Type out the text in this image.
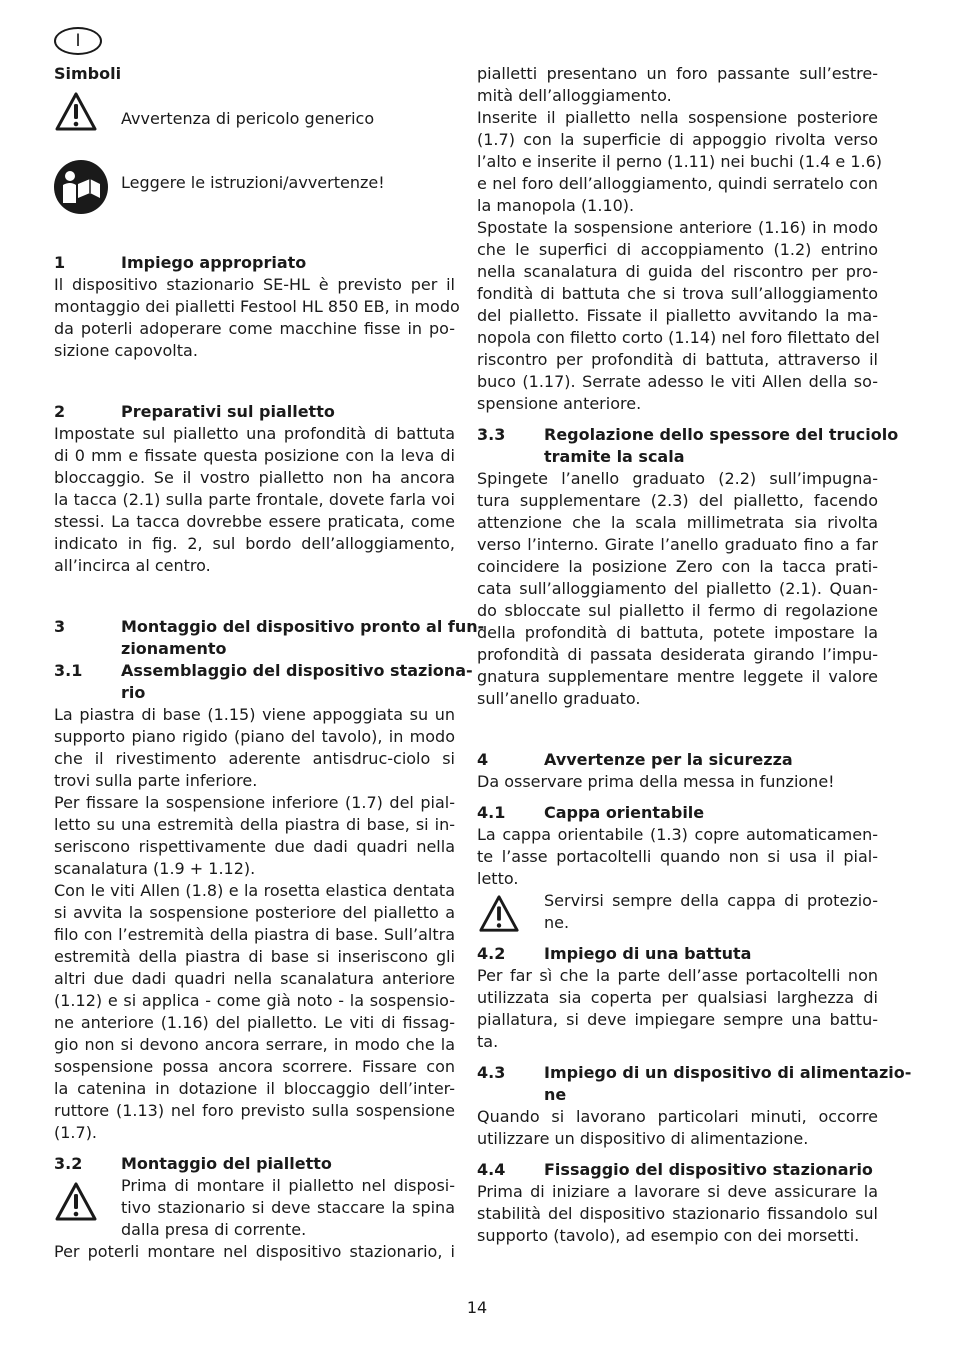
I
Simboli
Avvertenza di pericolo generico
Leggere le istruzioni/avvertenze!
1	Impiego appropriato
Il dispositivo stazionario SE-HL è previsto per il
montaggio dei pialletti Festool HL 850 EB, in modo
da poterli adoperare come macchine fisse in po-
sizione capovolta.
2	Preparativi sul pialletto
Impostate sul pialletto una profondità di battuta
di 0 mm e fissate questa posizione con la leva di
bloccaggio. Se il vostro pialletto non ha ancora
la tacca (2.1) sulla parte frontale, dovete farla voi
stessi. La tacca dovrebbe essere praticata, come
indicato in fig. 2, sul bordo dell’alloggiamento,
all’incirca al centro.
3	Montaggio del dispositivo pronto al fun-
zionamento
3.1 Assemblaggio del dispositivo staziona-
rio
La piastra di base (1.15) viene appoggiata su un
supporto piano rigido (piano del tavolo), in modo
che il rivestimento aderente antisdruc-ciolo si
trovi sulla parte inferiore.
Per fissare la sospensione inferiore (1.7) del pial-
letto su una estremità della piastra di base, si in-
seriscono rispettivamente due dadi quadri nella
scanalatura (1.9 + 1.12).
Con le viti Allen (1.8) e la rosetta elastica dentata
si avvita la sospensione posteriore del pialletto a
filo con l’estremità della piastra di base. Sull’altra
estremità della piastra di base si inseriscono gli
altri due dadi quadri nella scanalatura anteriore
(1.12) e si applica - come già noto - la sospensio-
ne anteriore (1.16) del pialletto. Le viti di fissag-
gio non si devono ancora serrare, in modo che la
sospensione possa ancora scorrere. Fissare con
la catenina in dotazione il bloccaggio dell’inter-
ruttore (1.13) nel foro previsto sulla sospensione
(1.7).
3.2 Montaggio del pialletto
Prima di montare il pialletto nel disposi-
tivo stazionario si deve staccare la spina
dalla presa di corrente.
Per poterli montare nel dispositivo stazionario, i
pialletti presentano un foro passante sull’estre-
mità dell’alloggiamento.
Inserite il pialletto nella sospensione posteriore
(1.7) con la superficie di appoggio rivolta verso
l’alto e inserite il perno (1.11) nei buchi (1.4 e 1.6)
e nel foro dell’alloggiamento, quindi serratelo con
la manopola (1.10).
Spostate la sospensione anteriore (1.16) in modo
che le superfici di accoppiamento (1.2) entrino
nella scanalatura di guida del riscontro per pro-
fondità di battuta che si trova sull’alloggiamento
del pialletto. Fissate il pialletto avvitando la ma-
nopola con filetto corto (1.14) nel foro filettato del
riscontro per profondità di battuta, attraverso il
buco (1.17). Serrate adesso le viti Allen della so-
spensione anteriore.
3.3 Regolazione dello spessore del truciolo
tramite la scala
Spingete l’anello graduato (2.2) sull’impugna-
tura supplementare (2.3) del pialletto, facendo
attenzione che la scala millimetrata sia rivolta
verso l’interno. Girate l’anello graduato fino a far
coincidere la posizione Zero con la tacca prati-
cata sull’alloggiamento del pialletto (2.1). Quan-
do sbloccate sul pialletto il fermo di regolazione
della profondità di battuta, potete impostare la
profondità di passata desiderata girando l’impu-
gnatura supplementare mentre leggete il valore
sull’anello graduato.
4	Avvertenze per la sicurezza
Da osservare prima della messa in funzione!
4.1 Cappa orientabile
La cappa orientabile (1.3) copre automaticamen-
te l’asse portacoltelli quando non si usa il pial-
letto.
Servirsi sempre della cappa di protezio-
ne.
4.2 Impiego di una battuta
Per far sì che la parte dell’asse portacoltelli non
utilizzata sia coperta per qualsiasi larghezza di
piallatura, si deve impiegare sempre una battu-
ta.
4.3 Impiego di un dispositivo di alimentazio-
ne
Quando si lavorano particolari minuti, occorre
utilizzare un dispositivo di alimentazione.
4.4 Fissaggio del dispositivo stazionario
Prima di iniziare a lavorare si deve assicurare la
stabilità del dispositivo stazionario fissandolo sul
supporto (tavolo), ad esempio con dei morsetti.
14
